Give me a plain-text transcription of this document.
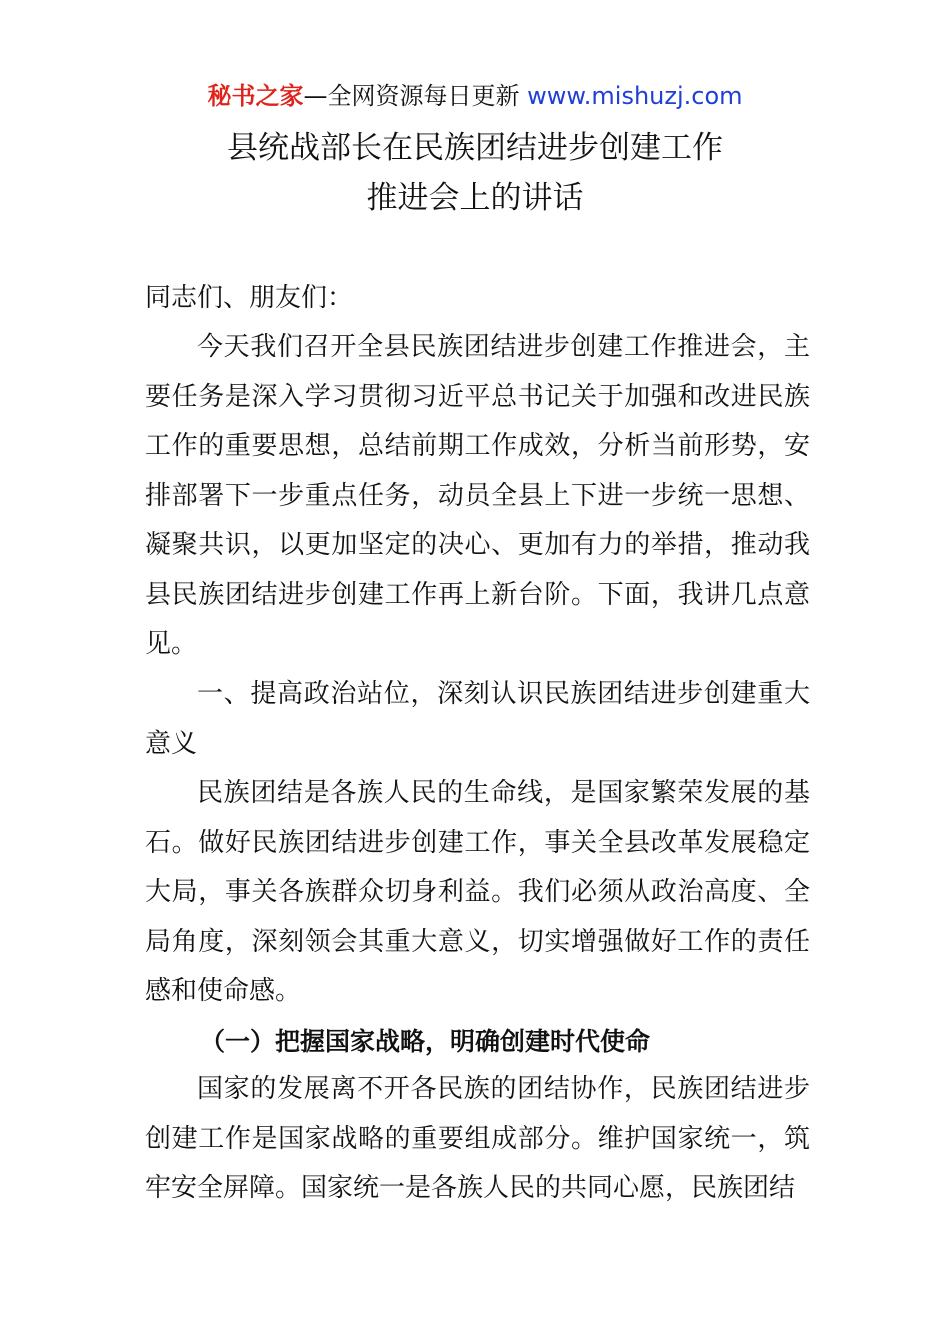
秘书之家—全网资源每日更新 www.mishuzj.com
县统战部长在民族团结进步创建工作
推进会上的讲话
同志们、朋友们：

今天我们召开全县民族团结进步创建工作推进会，主要任务是深入学习贯彻习近平总书记关于加强和改进民族工作的重要思想，总结前期工作成效，分析当前形势，安排部署下一步重点任务，动员全县上下进一步统一思想、凝聚共识，以更加坚定的决心、更加有力的举措，推动我县民族团结进步创建工作再上新台阶。下面，我讲几点意见。

一、提高政治站位，深刻认识民族团结进步创建重大意义

民族团结是各族人民的生命线，是国家繁荣发展的基石。做好民族团结进步创建工作，事关全县改革发展稳定大局，事关各族群众切身利益。我们必须从政治高度、全局角度，深刻领会其重大意义，切实增强做好工作的责任感和使命感。

（一）把握国家战略，明确创建时代使命

国家的发展离不开各民族的团结协作，民族团结进步创建工作是国家战略的重要组成部分。维护国家统一，筑牢安全屏障。国家统一是各族人民的共同心愿，民族团结
